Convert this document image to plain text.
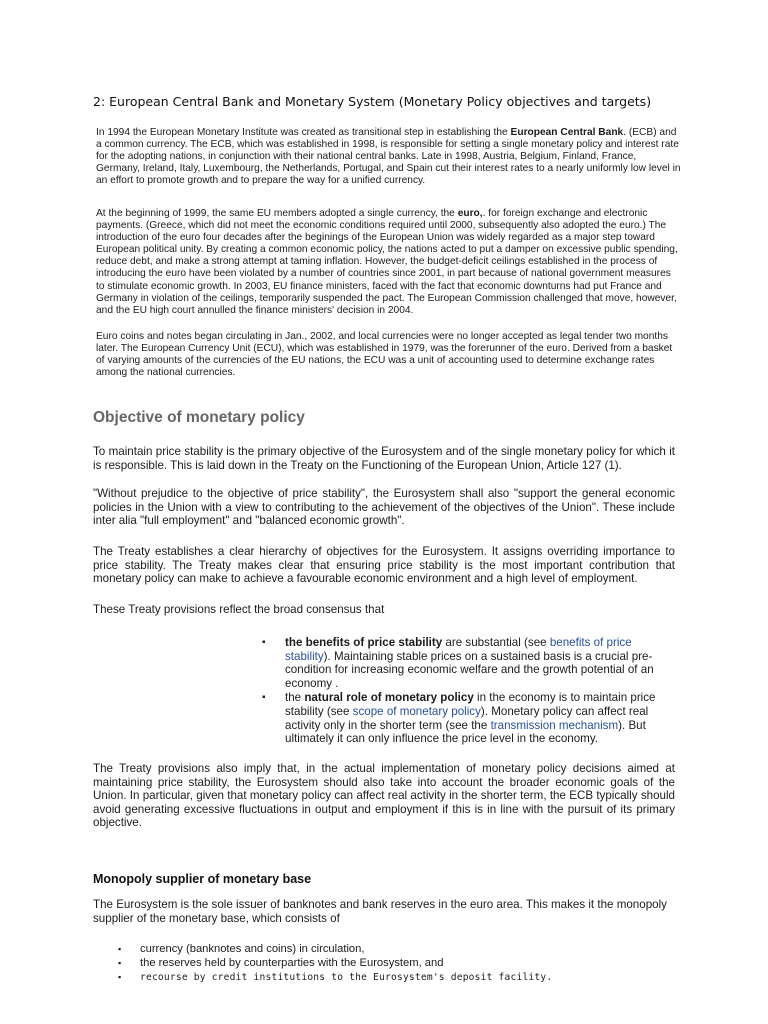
2: European Central Bank and Monetary System (Monetary Policy objectives and targets)

In 1994 the European Monetary Institute was created as transitional step in establishing the European Central Bank. (ECB) and a common currency. The ECB, which was established in 1998, is responsible for setting a single monetary policy and interest rate for the adopting nations, in conjunction with their national central banks. Late in 1998, Austria, Belgium, Finland, France, Germany, Ireland, Italy, Luxembourg, the Netherlands, Portugal, and Spain cut their interest rates to a nearly uniformly low level in an effort to promote growth and to prepare the way for a unified currency.

At the beginning of 1999, the same EU members adopted a single currency, the euro,. for foreign exchange and electronic payments. (Greece, which did not meet the economic conditions required until 2000, subsequently also adopted the euro.) The introduction of the euro four decades after the beginings of the European Union was widely regarded as a major step toward European political unity. By creating a common economic policy, the nations acted to put a damper on excessive public spending, reduce debt, and make a strong attempt at taming inflation. However, the budget-deficit ceilings established in the process of introducing the euro have been violated by a number of countries since 2001, in part because of national government measures to stimulate economic growth. In 2003, EU finance ministers, faced with the fact that economic downturns had put France and Germany in violation of the ceilings, temporarily suspended the pact. The European Commission challenged that move, however, and the EU high court annulled the finance ministers' decision in 2004.

Euro coins and notes began circulating in Jan., 2002, and local currencies were no longer accepted as legal tender two months later. The European Currency Unit (ECU), which was established in 1979, was the forerunner of the euro. Derived from a basket of varying amounts of the currencies of the EU nations, the ECU was a unit of accounting used to determine exchange rates among the national currencies.

Objective of monetary policy

To maintain price stability is the primary objective of the Eurosystem and of the single monetary policy for which it is responsible. This is laid down in the Treaty on the Functioning of the European Union, Article 127 (1).

"Without prejudice to the objective of price stability", the Eurosystem shall also "support the general economic policies in the Union with a view to contributing to the achievement of the objectives of the Union". These include inter alia "full employment" and "balanced economic growth".

The Treaty establishes a clear hierarchy of objectives for the Eurosystem. It assigns overriding importance to price stability. The Treaty makes clear that ensuring price stability is the most important contribution that monetary policy can make to achieve a favourable economic environment and a high level of employment.

These Treaty provisions reflect the broad consensus that

▪ the benefits of price stability are substantial (see benefits of price stability). Maintaining stable prices on a sustained basis is a crucial pre-condition for increasing economic welfare and the growth potential of an economy .
▪ the natural role of monetary policy in the economy is to maintain price stability (see scope of monetary policy). Monetary policy can affect real activity only in the shorter term (see the transmission mechanism). But ultimately it can only influence the price level in the economy.

The Treaty provisions also imply that, in the actual implementation of monetary policy decisions aimed at maintaining price stability, the Eurosystem should also take into account the broader economic goals of the Union. In particular, given that monetary policy can affect real activity in the shorter term, the ECB typically should avoid generating excessive fluctuations in output and employment if this is in line with the pursuit of its primary objective.

Monopoly supplier of monetary base

The Eurosystem is the sole issuer of banknotes and bank reserves in the euro area. This makes it the monopoly supplier of the monetary base, which consists of

▪ currency (banknotes and coins) in circulation,
▪ the reserves held by counterparties with the Eurosystem, and
▪ recourse by credit institutions to the Eurosystem's deposit facility.
